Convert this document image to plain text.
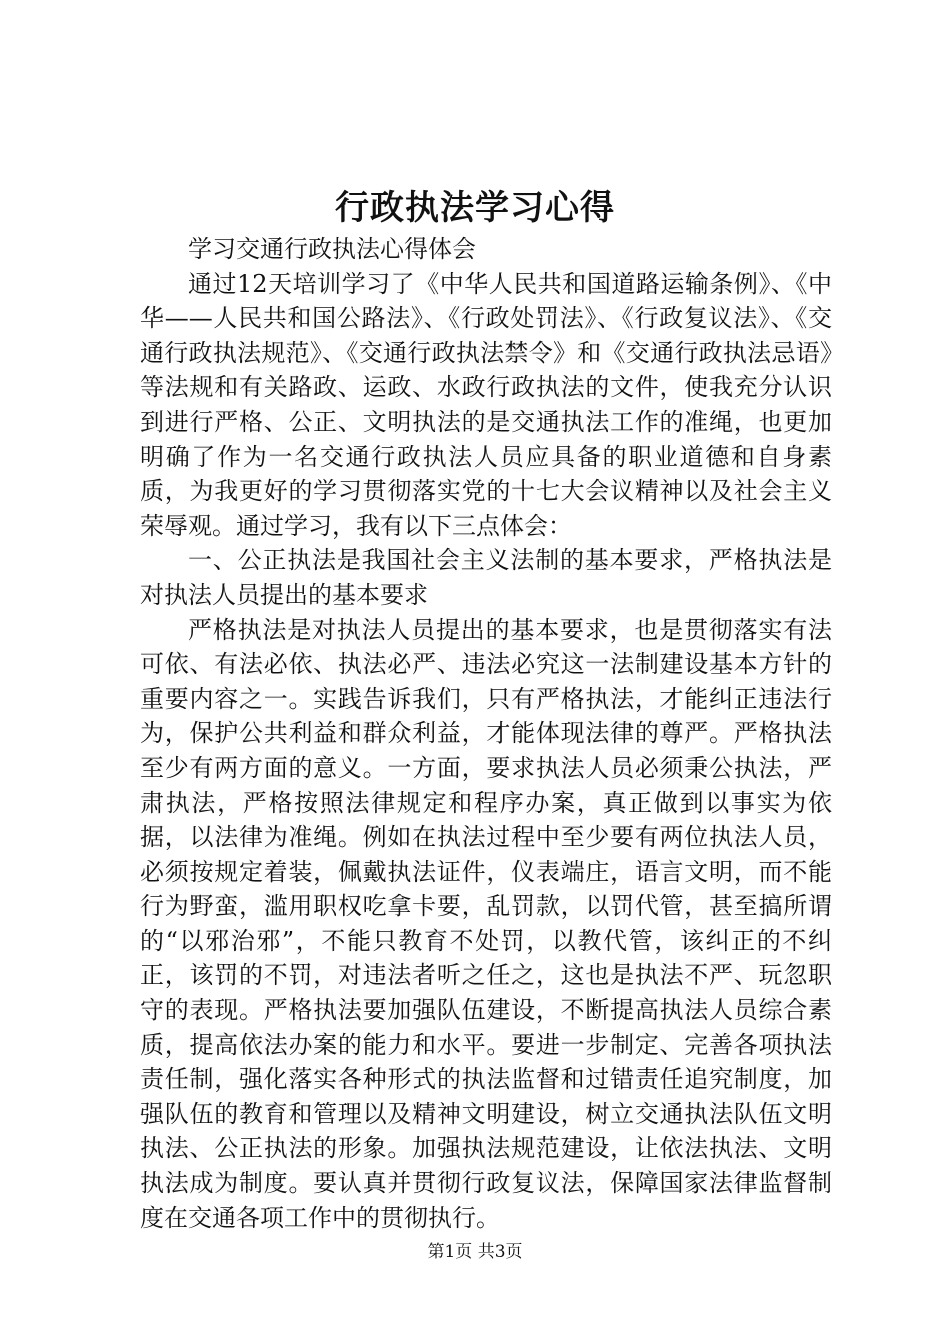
行政执法学习心得

学习交通行政执法心得体会

通过12天培训学习了《中华人民共和国道路运输条例》、《中华——人民共和国公路法》、《行政处罚法》、《行政复议法》、《交通行政执法规范》、《交通行政执法禁令》和《交通行政执法忌语》等法规和有关路政、运政、水政行政执法的文件，使我充分认识到进行严格、公正、文明执法的是交通执法工作的准绳，也更加明确了作为一名交通行政执法人员应具备的职业道德和自身素质，为我更好的学习贯彻落实党的十七大会议精神以及社会主义荣辱观。通过学习，我有以下三点体会：

一、公正执法是我国社会主义法制的基本要求，严格执法是对执法人员提出的基本要求

严格执法是对执法人员提出的基本要求，也是贯彻落实有法可依、有法必依、执法必严、违法必究这一法制建设基本方针的重要内容之一。实践告诉我们，只有严格执法，才能纠正违法行为，保护公共利益和群众利益，才能体现法律的尊严。严格执法至少有两方面的意义。一方面，要求执法人员必须秉公执法，严肃执法，严格按照法律规定和程序办案，真正做到以事实为依据，以法律为准绳。例如在执法过程中至少要有两位执法人员，必须按规定着装，佩戴执法证件，仪表端庄，语言文明，而不能行为野蛮，滥用职权吃拿卡要，乱罚款，以罚代管，甚至搞所谓的“以邪治邪”，不能只教育不处罚，以教代管，该纠正的不纠正，该罚的不罚，对违法者听之任之，这也是执法不严、玩忽职守的表现。严格执法要加强队伍建设，不断提高执法人员综合素质，提高依法办案的能力和水平。要进一步制定、完善各项执法责任制，强化落实各种形式的执法监督和过错责任追究制度，加强队伍的教育和管理以及精神文明建设，树立交通执法队伍文明执法、公正执法的形象。加强执法规范建设，让依法执法、文明执法成为制度。要认真并贯彻行政复议法，保障国家法律监督制度在交通各项工作中的贯彻执行。

第1页 共3页
